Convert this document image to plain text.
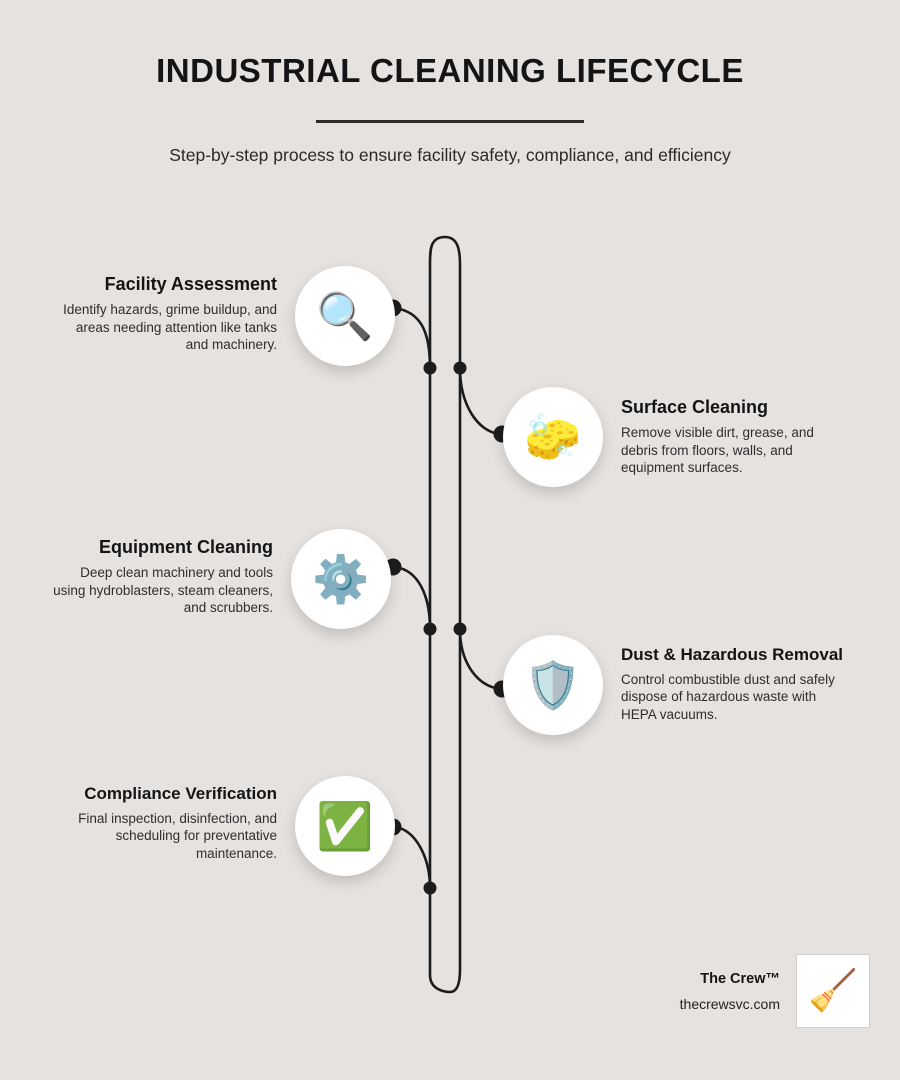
INDUSTRIAL CLEANING LIFECYCLE

Step-by-step process to ensure facility safety, compliance, and efficiency

Facility Assessment

Identify hazards, grime buildup, and areas needing attention like tanks and machinery.

🔍
🧽
Surface Cleaning

Remove visible dirt, grease, and debris from floors, walls, and equipment surfaces.

Equipment Cleaning

Deep clean machinery and tools using hydroblasters, steam cleaners, and scrubbers.

⚙️
🛡️
Dust & Hazardous Removal

Control combustible dust and safely dispose of hazardous waste with HEPA vacuums.

Compliance Verification

Final inspection, disinfection, and scheduling for preventative maintenance.

✅

The Crew™

thecrewsvc.com 🧹
